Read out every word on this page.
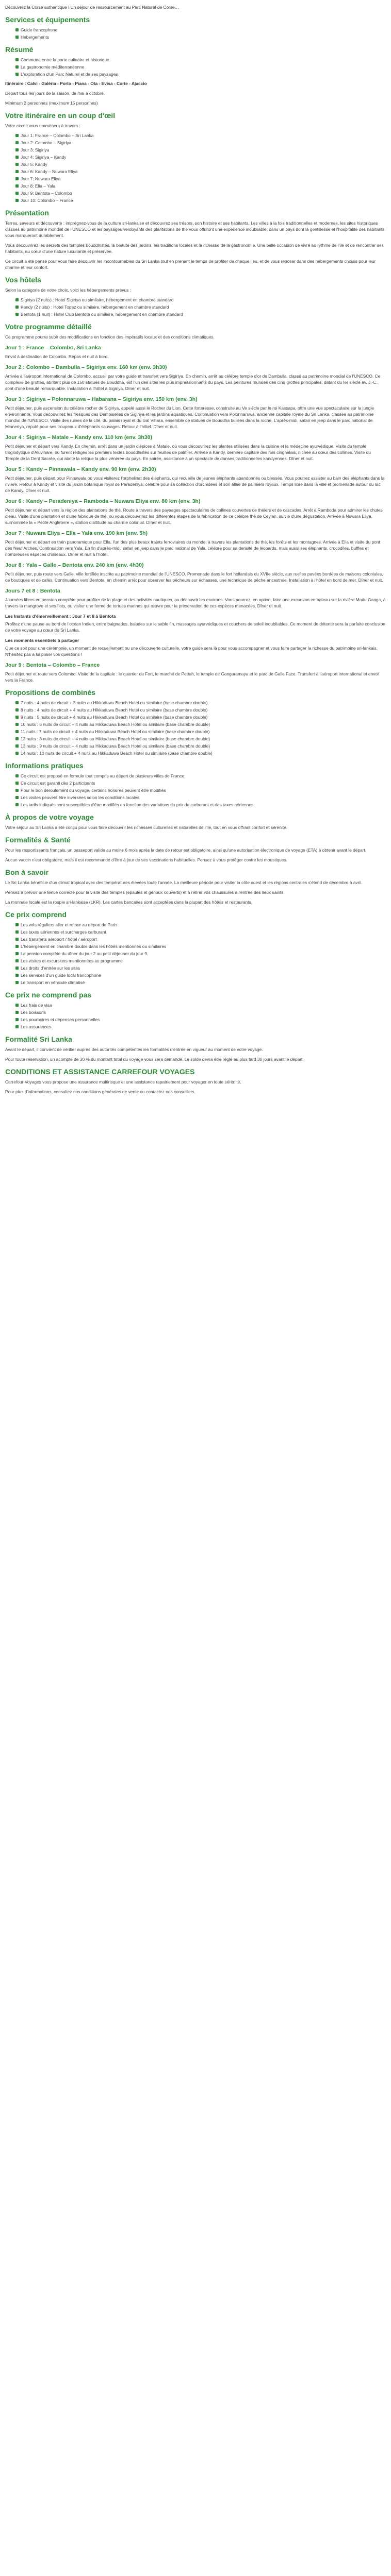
Découvrez la Corse authentique ! Un séjour de ressourcement au Parc Naturel de Corse…

Services et équipements
Guide francophone
Hébergements
Résumé
Commune entre la porte culinaire et historique
La gastronomie méditerranéenne
L'exploration d'un Parc Naturel et de ses paysages

Itinéraire : Calvi - Galéria - Porto - Piana - Ota - Evisa - Corte - Ajaccio

Départ tous les jours de la saison, de mai à octobre.

Minimum 2 personnes (maximum 15 personnes)

Votre itinéraire en un coup d'œil

Votre circuit vous emmènera à travers :

Jour 1: France – Colombo – Sri Lanka
Jour 2: Colombo – Sigiriya
Jour 3: Sigiriya
Jour 4: Sigiriya – Kandy
Jour 5: Kandy
Jour 6: Kandy – Nuwara Eliya
Jour 7: Nuwara Eliya
Jour 8: Ella – Yala
Jour 9: Bentota – Colombo
Jour 10: Colombo – France
Présentation

Terres, saveurs et découverte : imprégnez-vous de la culture sri-lankaise et découvrez ses trésors, son histoire et ses habitants. Les villes à la fois traditionnelles et modernes, les sites historiques classés au patrimoine mondial de l'UNESCO et les paysages verdoyants des plantations de thé vous offriront une expérience inoubliable, dans un pays dont la gentillesse et l'hospitalité des habitants vous marqueront durablement.

Vous découvrirez les secrets des temples bouddhistes, la beauté des jardins, les traditions locales et la richesse de la gastronomie. Une belle occasion de vivre au rythme de l'île et de rencontrer ses habitants, au cœur d'une nature luxuriante et préservée.

Ce circuit a été pensé pour vous faire découvrir les incontournables du Sri Lanka tout en prenant le temps de profiter de chaque lieu, et de vous reposer dans des hébergements choisis pour leur charme et leur confort.

Vos hôtels

Selon la catégorie de votre choix, voici les hébergements prévus :

Sigiriya (2 nuits) : Hotel Sigiriya ou similaire, hébergement en chambre standard
Kandy (2 nuits) : Hotel Topaz ou similaire, hébergement en chambre standard
Bentota (1 nuit) : Hotel Club Bentota ou similaire, hébergement en chambre standard
Votre programme détaillé

Ce programme pourra subir des modifications en fonction des impératifs locaux et des conditions climatiques.

Jour 1 : France – Colombo, Sri Lanka

Envol à destination de Colombo. Repas et nuit à bord.

Jour 2 : Colombo – Dambulla – Sigiriya env. 160 km (env. 3h30)

Arrivée à l'aéroport international de Colombo, accueil par votre guide et transfert vers Sigiriya. En chemin, arrêt au célèbre temple d'or de Dambulla, classé au patrimoine mondial de l'UNESCO. Ce complexe de grottes, abritant plus de 150 statues de Bouddha, est l'un des sites les plus impressionnants du pays. Les peintures murales des cinq grottes principales, datant du Ier siècle av. J.-C., sont d'une beauté remarquable. Installation à l'hôtel à Sigiriya. Dîner et nuit.

Jour 3 : Sigiriya – Polonnaruwa – Habarana – Sigiriya env. 150 km (env. 3h)

Petit déjeuner, puis ascension du célèbre rocher de Sigiriya, appelé aussi le Rocher du Lion. Cette forteresse, construite au Ve siècle par le roi Kassapa, offre une vue spectaculaire sur la jungle environnante. Vous découvrirez les fresques des Demoiselles de Sigiriya et les jardins aquatiques. Continuation vers Polonnaruwa, ancienne capitale royale du Sri Lanka, classée au patrimoine mondial de l'UNESCO. Visite des ruines de la cité, du palais royal et du Gal Vihara, ensemble de statues de Bouddha taillées dans la roche. L'après-midi, safari en jeep dans le parc national de Minneriya, réputé pour ses troupeaux d'éléphants sauvages. Retour à l'hôtel. Dîner et nuit.

Jour 4 : Sigiriya – Matale – Kandy env. 110 km (env. 3h30)

Petit déjeuner et départ vers Kandy. En chemin, arrêt dans un jardin d'épices à Matale, où vous découvrirez les plantes utilisées dans la cuisine et la médecine ayurvédique. Visite du temple troglodytique d'Aluvihare, où furent rédigés les premiers textes bouddhistes sur feuilles de palmier. Arrivée à Kandy, dernière capitale des rois cinghalais, nichée au cœur des collines. Visite du Temple de la Dent Sacrée, qui abrite la relique la plus vénérée du pays. En soirée, assistance à un spectacle de danses traditionnelles kandyennes. Dîner et nuit.

Jour 5 : Kandy – Pinnawala – Kandy env. 90 km (env. 2h30)

Petit déjeuner, puis départ pour Pinnawala où vous visiterez l'orphelinat des éléphants, qui recueille de jeunes éléphants abandonnés ou blessés. Vous pourrez assister au bain des éléphants dans la rivière. Retour à Kandy et visite du jardin botanique royal de Peradeniya, célèbre pour sa collection d'orchidées et son allée de palmiers royaux. Temps libre dans la ville et promenade autour du lac de Kandy. Dîner et nuit.

Jour 6 : Kandy – Peradeniya – Ramboda – Nuwara Eliya env. 80 km (env. 3h)

Petit déjeuner et départ vers la région des plantations de thé. Route à travers des paysages spectaculaires de collines couvertes de théiers et de cascades. Arrêt à Ramboda pour admirer les chutes d'eau. Visite d'une plantation et d'une fabrique de thé, où vous découvrirez les différentes étapes de la fabrication de ce célèbre thé de Ceylan, suivie d'une dégustation. Arrivée à Nuwara Eliya, surnommée la « Petite Angleterre », station d'altitude au charme colonial. Dîner et nuit.

Jour 7 : Nuwara Eliya – Ella – Yala env. 190 km (env. 5h)

Petit déjeuner et départ en train panoramique pour Ella, l'un des plus beaux trajets ferroviaires du monde, à travers les plantations de thé, les forêts et les montagnes. Arrivée à Ella et visite du pont des Neuf Arches. Continuation vers Yala. En fin d'après-midi, safari en jeep dans le parc national de Yala, célèbre pour sa densité de léopards, mais aussi ses éléphants, crocodiles, buffles et nombreuses espèces d'oiseaux. Dîner et nuit à l'hôtel.

Jour 8 : Yala – Galle – Bentota env. 240 km (env. 4h30)

Petit déjeuner, puis route vers Galle, ville fortifiée inscrite au patrimoine mondial de l'UNESCO. Promenade dans le fort hollandais du XVIIe siècle, aux ruelles pavées bordées de maisons coloniales, de boutiques et de cafés. Continuation vers Bentota, en chemin arrêt pour observer les pêcheurs sur échasses, une technique de pêche ancestrale. Installation à l'hôtel en bord de mer. Dîner et nuit.

Jours 7 et 8 : Bentota

Journées libres en pension complète pour profiter de la plage et des activités nautiques, ou découvrir les environs. Vous pourrez, en option, faire une excursion en bateau sur la rivière Madu Ganga, à travers la mangrove et ses îlots, ou visiter une ferme de tortues marines qui œuvre pour la préservation de ces espèces menacées. Dîner et nuit.

Les Instants d'émerveillement : Jour 7 et 8 à Bentota

Profitez d'une pause au bord de l'océan Indien, entre baignades, balades sur le sable fin, massages ayurvédiques et couchers de soleil inoubliables. Ce moment de détente sera la parfaite conclusion de votre voyage au cœur du Sri Lanka.

Les moments essentiels à partager

Que ce soit pour une cérémonie, un moment de recueillement ou une découverte culturelle, votre guide sera là pour vous accompagner et vous faire partager la richesse du patrimoine sri-lankais. N'hésitez pas à lui poser vos questions !

Jour 9 : Bentota – Colombo – France

Petit déjeuner et route vers Colombo. Visite de la capitale : le quartier du Fort, le marché de Pettah, le temple de Gangaramaya et le parc de Galle Face. Transfert à l'aéroport international et envol vers la France.

Propositions de combinés
7 nuits : 4 nuits de circuit + 3 nuits au Hikkaduwa Beach Hotel ou similaire (base chambre double)
8 nuits : 4 nuits de circuit + 4 nuits au Hikkaduwa Beach Hotel ou similaire (base chambre double)
9 nuits : 5 nuits de circuit + 4 nuits au Hikkaduwa Beach Hotel ou similaire (base chambre double)
10 nuits : 6 nuits de circuit + 4 nuits au Hikkaduwa Beach Hotel ou similaire (base chambre double)
11 nuits : 7 nuits de circuit + 4 nuits au Hikkaduwa Beach Hotel ou similaire (base chambre double)
12 nuits : 8 nuits de circuit + 4 nuits au Hikkaduwa Beach Hotel ou similaire (base chambre double)
13 nuits : 9 nuits de circuit + 4 nuits au Hikkaduwa Beach Hotel ou similaire (base chambre double)
14 nuits : 10 nuits de circuit + 4 nuits au Hikkaduwa Beach Hotel ou similaire (base chambre double)
Informations pratiques
Ce circuit est proposé en formule tout compris au départ de plusieurs villes de France
Ce circuit est garanti dès 2 participants
Pour le bon déroulement du voyage, certains horaires peuvent être modifiés
Les visites peuvent être inversées selon les conditions locales
Les tarifs indiqués sont susceptibles d'être modifiés en fonction des variations du prix du carburant et des taxes aériennes
À propos de votre voyage

Votre séjour au Sri Lanka a été conçu pour vous faire découvrir les richesses culturelles et naturelles de l'île, tout en vous offrant confort et sérénité.

Formalités & Santé

Pour les ressortissants français, un passeport valide au moins 6 mois après la date de retour est obligatoire, ainsi qu'une autorisation électronique de voyage (ETA) à obtenir avant le départ.

Aucun vaccin n'est obligatoire, mais il est recommandé d'être à jour de ses vaccinations habituelles. Pensez à vous protéger contre les moustiques.

Bon à savoir

Le Sri Lanka bénéficie d'un climat tropical avec des températures élevées toute l'année. La meilleure période pour visiter la côte ouest et les régions centrales s'étend de décembre à avril.

Pensez à prévoir une tenue correcte pour la visite des temples (épaules et genoux couverts) et à retirer vos chaussures à l'entrée des lieux saints.

La monnaie locale est la roupie sri-lankaise (LKR). Les cartes bancaires sont acceptées dans la plupart des hôtels et restaurants.

Ce prix comprend
Les vols réguliers aller et retour au départ de Paris
Les taxes aériennes et surcharges carburant
Les transferts aéroport / hôtel / aéroport
L'hébergement en chambre double dans les hôtels mentionnés ou similaires
La pension complète du dîner du jour 2 au petit déjeuner du jour 9
Les visites et excursions mentionnées au programme
Les droits d'entrée sur les sites
Les services d'un guide local francophone
Le transport en véhicule climatisé
Ce prix ne comprend pas
Les frais de visa
Les boissons
Les pourboires et dépenses personnelles
Les assurances
Formalité Sri Lanka

Avant le départ, il convient de vérifier auprès des autorités compétentes les formalités d'entrée en vigueur au moment de votre voyage.

Pour toute réservation, un acompte de 30 % du montant total du voyage vous sera demandé. Le solde devra être réglé au plus tard 30 jours avant le départ.

CONDITIONS ET ASSISTANCE CARREFOUR VOYAGES

Carrefour Voyages vous propose une assurance multirisque et une assistance rapatriement pour voyager en toute sérénité.

Pour plus d'informations, consultez nos conditions générales de vente ou contactez nos conseillers.
